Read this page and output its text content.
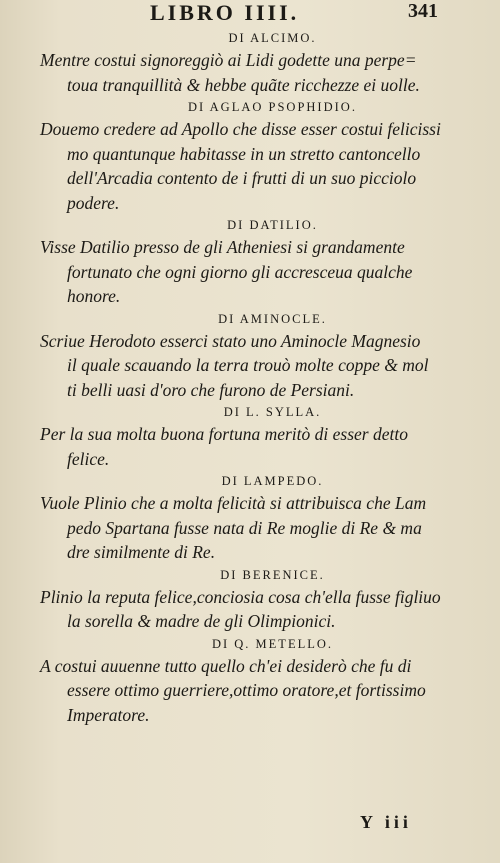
LIBRO IIII.	341
DI ALCIMO.
Mentre costui signoreggiò ai Lidi godette una perpe=
toua tranquillità & hebbe quãte ricchezze ei uolle.
DI AGLAO PSOPHIDIO.
Douemo credere ad Apollo che disse esser costui felicissi
mo quantunque habitasse in un stretto cantoncello
dell'Arcadia contento de i frutti di un suo picciolo
podere.
DI DATILIO.
Visse Datilio presso de gli Atheniesi si grandamente
fortunato che ogni giorno gli accresceua qualche
honore.
DI AMINOCLE.
Scriue Herodoto esserci stato uno Aminocle Magnesio
il quale scauando la terra trouò molte coppe & mol
ti belli uasi d'oro che furono de Persiani.
DI L. SYLLA.
Per la sua molta buona fortuna meritò di esser detto
felice.
DI LAMPEDO.
Vuole Plinio che a molta felicità si attribuisca che Lam
pedo Spartana fusse nata di Re moglie di Re & ma
dre similmente di Re.
DI BERENICE.
Plinio la reputa felice,conciosia cosa ch'ella fusse figliuo
la sorella & madre de gli Olimpionici.
DI Q. METELLO.
A costui auuenne tutto quello ch'ei desiderò che fu di
essere ottimo guerriere,ottimo oratore,et fortissimo
Imperatore.
Y iii
